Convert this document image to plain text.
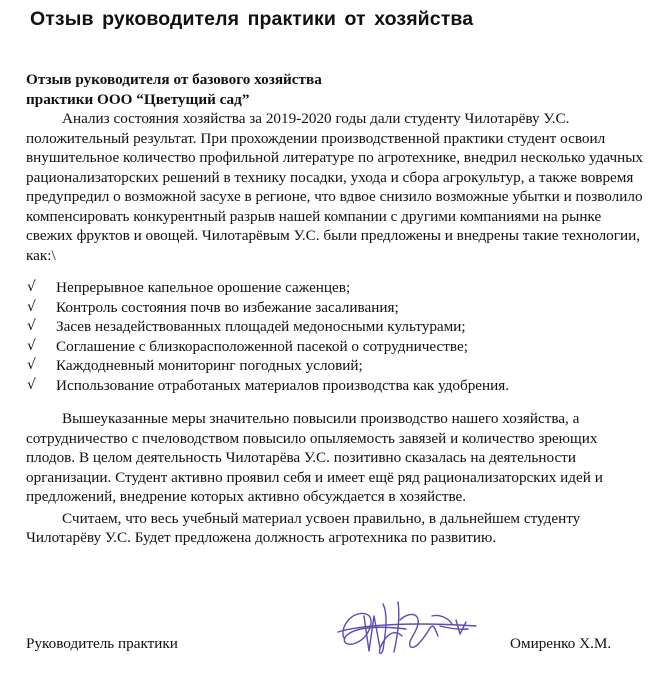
Отзыв руководителя практики от хозяйства
Отзыв руководителя от базового хозяйства
практики ООО “Цветущий сад”

Анализ состояния хозяйства за 2019-2020 годы дали студенту Чилотарёву У.С. положительный результат. При прохождении производственной практики студент освоил внушительное количество профильной литературе по агротехнике, внедрил несколько удачных рационализаторских решений в технику посадки, ухода и сбора агрокультур, а также вовремя предупредил о возможной засухе в регионе, что вдвое снизило возможные убытки и позволило компенсировать конкурентный разрыв нашей компании с другими компаниями на рынке свежих фруктов и овощей. Чилотарёвым У.С. были предложены и внедрены такие технологии, как:\

√ Непрерывное капельное орошение саженцев;
√ Контроль состояния почв во избежание засаливания;
√ Засев незадействованных площадей медоносными культурами;
√ Соглашение с близкорасположенной пасекой о сотрудничестве;
√ Каждодневный мониторинг погодных условий;
√ Использование отработаных материалов производства как удобрения.

Вышеуказанные меры значительно повысили производство нашего хозяйства, а сотрудничество с пчеловодством повысило опыляемость завязей и количество зреющих плодов. В целом деятельность Чилотарёва У.С. позитивно сказалась на деятельности организации. Студент активно проявил себя и имеет ещё ряд рационализаторских идей и предложений, внедрение которых активно обсуждается в хозяйстве.

Считаем, что весь учебный материал усвоен правильно, в дальнейшем студенту Чилотарёву У.С. Будет предложена должность агротехника по развитию.

Руководитель практики	Омиренко Х.М.
